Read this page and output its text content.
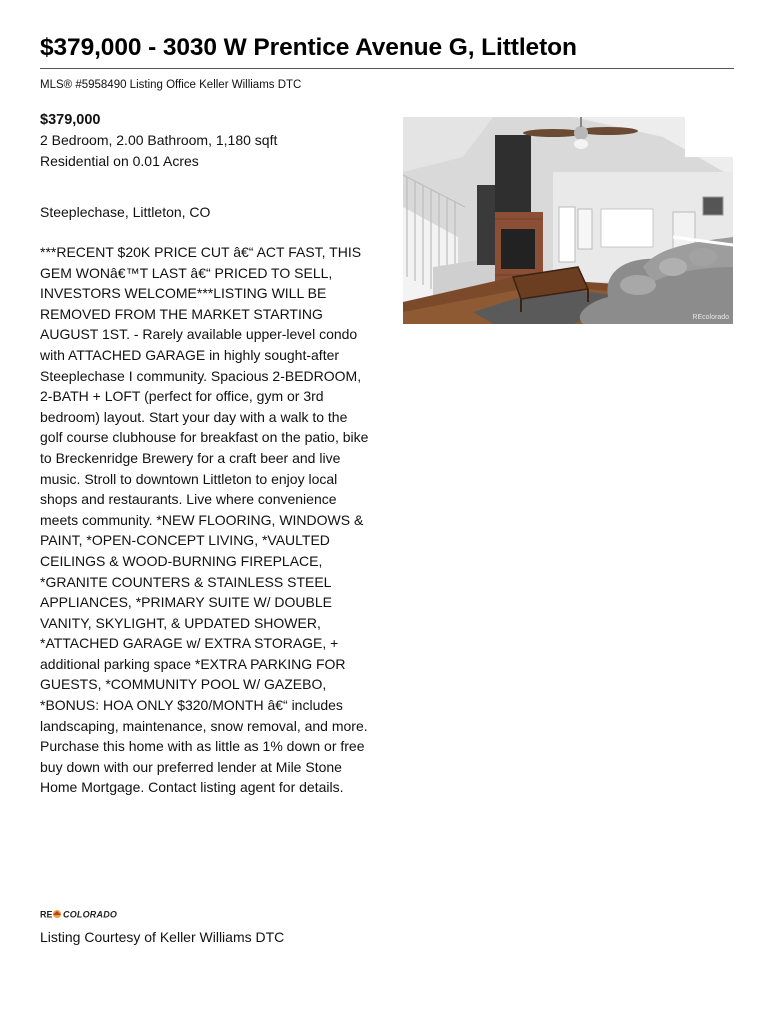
$379,000 - 3030 W Prentice Avenue G, Littleton
MLS® #5958490 Listing Office Keller Williams DTC
$379,000
2 Bedroom, 2.00 Bathroom, 1,180 sqft
Residential on 0.01 Acres
Steeplechase, Littleton, CO
***RECENT $20K PRICE CUT â€“ ACT FAST, THIS GEM WONâ€™T LAST â€“ PRICED TO SELL, INVESTORS WELCOME***LISTING WILL BE REMOVED FROM THE MARKET STARTING AUGUST 1ST. - Rarely available upper-level condo with ATTACHED GARAGE in highly sought-after Steeplechase I community. Spacious 2-BEDROOM, 2-BATH + LOFT (perfect for office, gym or 3rd bedroom) layout. Start your day with a walk to the golf course clubhouse for breakfast on the patio, bike to Breckenridge Brewery for a craft beer and live music. Stroll to downtown Littleton to enjoy local shops and restaurants. Live where convenience meets community. *NEW FLOORING, WINDOWS & PAINT, *OPEN-CONCEPT LIVING, *VAULTED CEILINGS & WOOD-BURNING FIREPLACE, *GRANITE COUNTERS & STAINLESS STEEL APPLIANCES, *PRIMARY SUITE W/ DOUBLE VANITY, SKYLIGHT, & UPDATED SHOWER, *ATTACHED GARAGE w/ EXTRA STORAGE, + additional parking space *EXTRA PARKING FOR GUESTS, *COMMUNITY POOL W/ GAZEBO, *BONUS: HOA ONLY $320/MONTH â€“ includes landscaping, maintenance, snow removal, and more. Purchase this home with as little as 1% down or free buy down with our preferred lender at Mile Stone Home Mortgage. Contact listing agent for details.
REcolorado
RE COLORADO
Listing Courtesy of Keller Williams DTC
